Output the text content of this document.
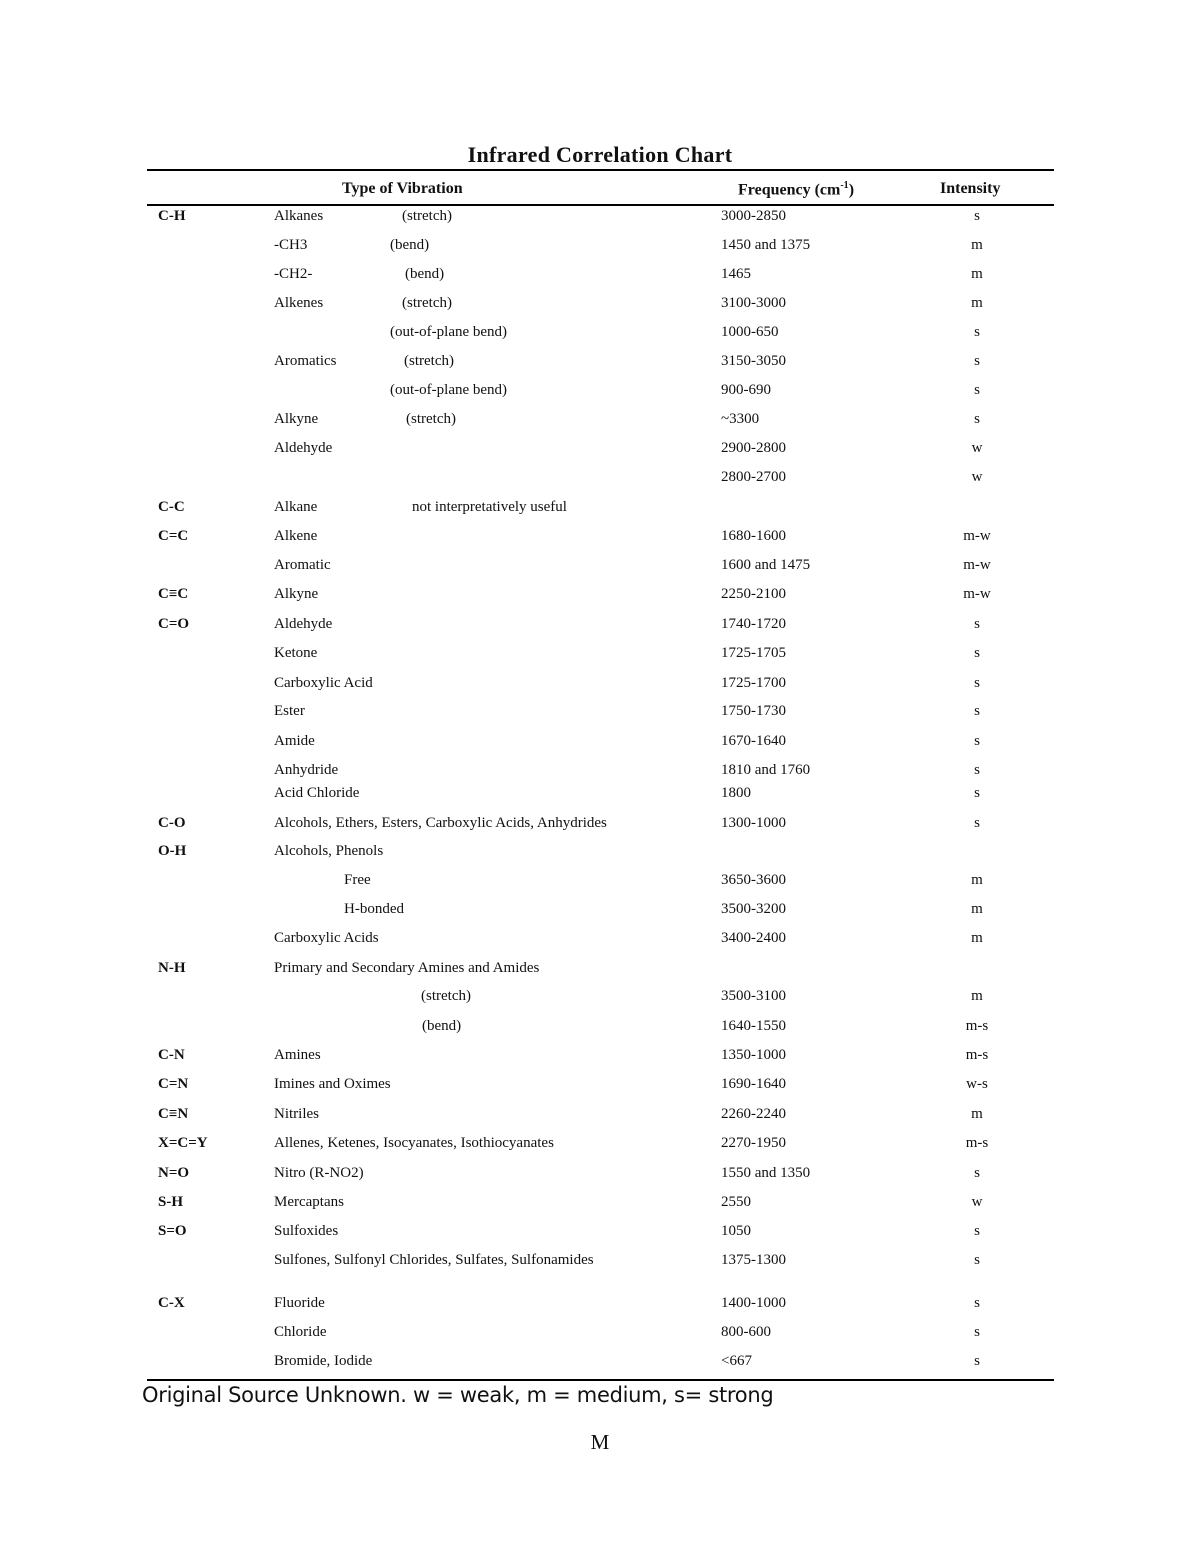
Infrared Correlation Chart
Type of Vibration	Frequency $(cm^{-1})$	Intensity
C-H	Alkanes	(stretch)	3000-2850	s
-CH3	(bend)	1450 and 1375	m
-CH2-	(bend)	1465	m
Alkenes	(stretch)	3100-3000	m
(out-of-plane bend)	1000-650	s
Aromatics	(stretch)	3150-3050	s
(out-of-plane bend)	900-690	s
Alkyne	(stretch)	~3300	s
Aldehyde	2900-2800	w
2800-2700	w
C-C	Alkane	not interpretatively useful
C=C	Alkene	1680-1600	m-w
Aromatic	1600 and 1475	m-w
C≡C	Alkyne	2250-2100	m-w
C=O	Aldehyde	1740-1720	s
Ketone	1725-1705	s
Carboxylic Acid	1725-1700	s
Ester	1750-1730	s
Amide	1670-1640	s
Anhydride	1810 and 1760	s
Acid Chloride	1800	s
C-O	Alcohols, Ethers, Esters, Carboxylic Acids, Anhydrides	1300-1000	s
O-H	Alcohols, Phenols
Free	3650-3600	m
H-bonded	3500-3200	m
Carboxylic Acids	3400-2400	m
N-H	Primary and Secondary Amines and Amides
(stretch)	3500-3100	m
(bend)	1640-1550	m-s
C-N	Amines	1350-1000	m-s
C=N	Imines and Oximes	1690-1640	w-s
C≡N	Nitriles	2260-2240	m
X=C=Y	Allenes, Ketenes, Isocyanates, Isothiocyanates	2270-1950	m-s
N=O	Nitro (R-NO2)	1550 and 1350	s
S-H	Mercaptans	2550	w
S=O	Sulfoxides	1050	s
Sulfones, Sulfonyl Chlorides, Sulfates, Sulfonamides	1375-1300	s
C-X	Fluoride	1400-1000	s
Chloride	800-600	s
Bromide, Iodide	<667	s
Original Source Unknown. w = weak, m = medium, s= strong
M
